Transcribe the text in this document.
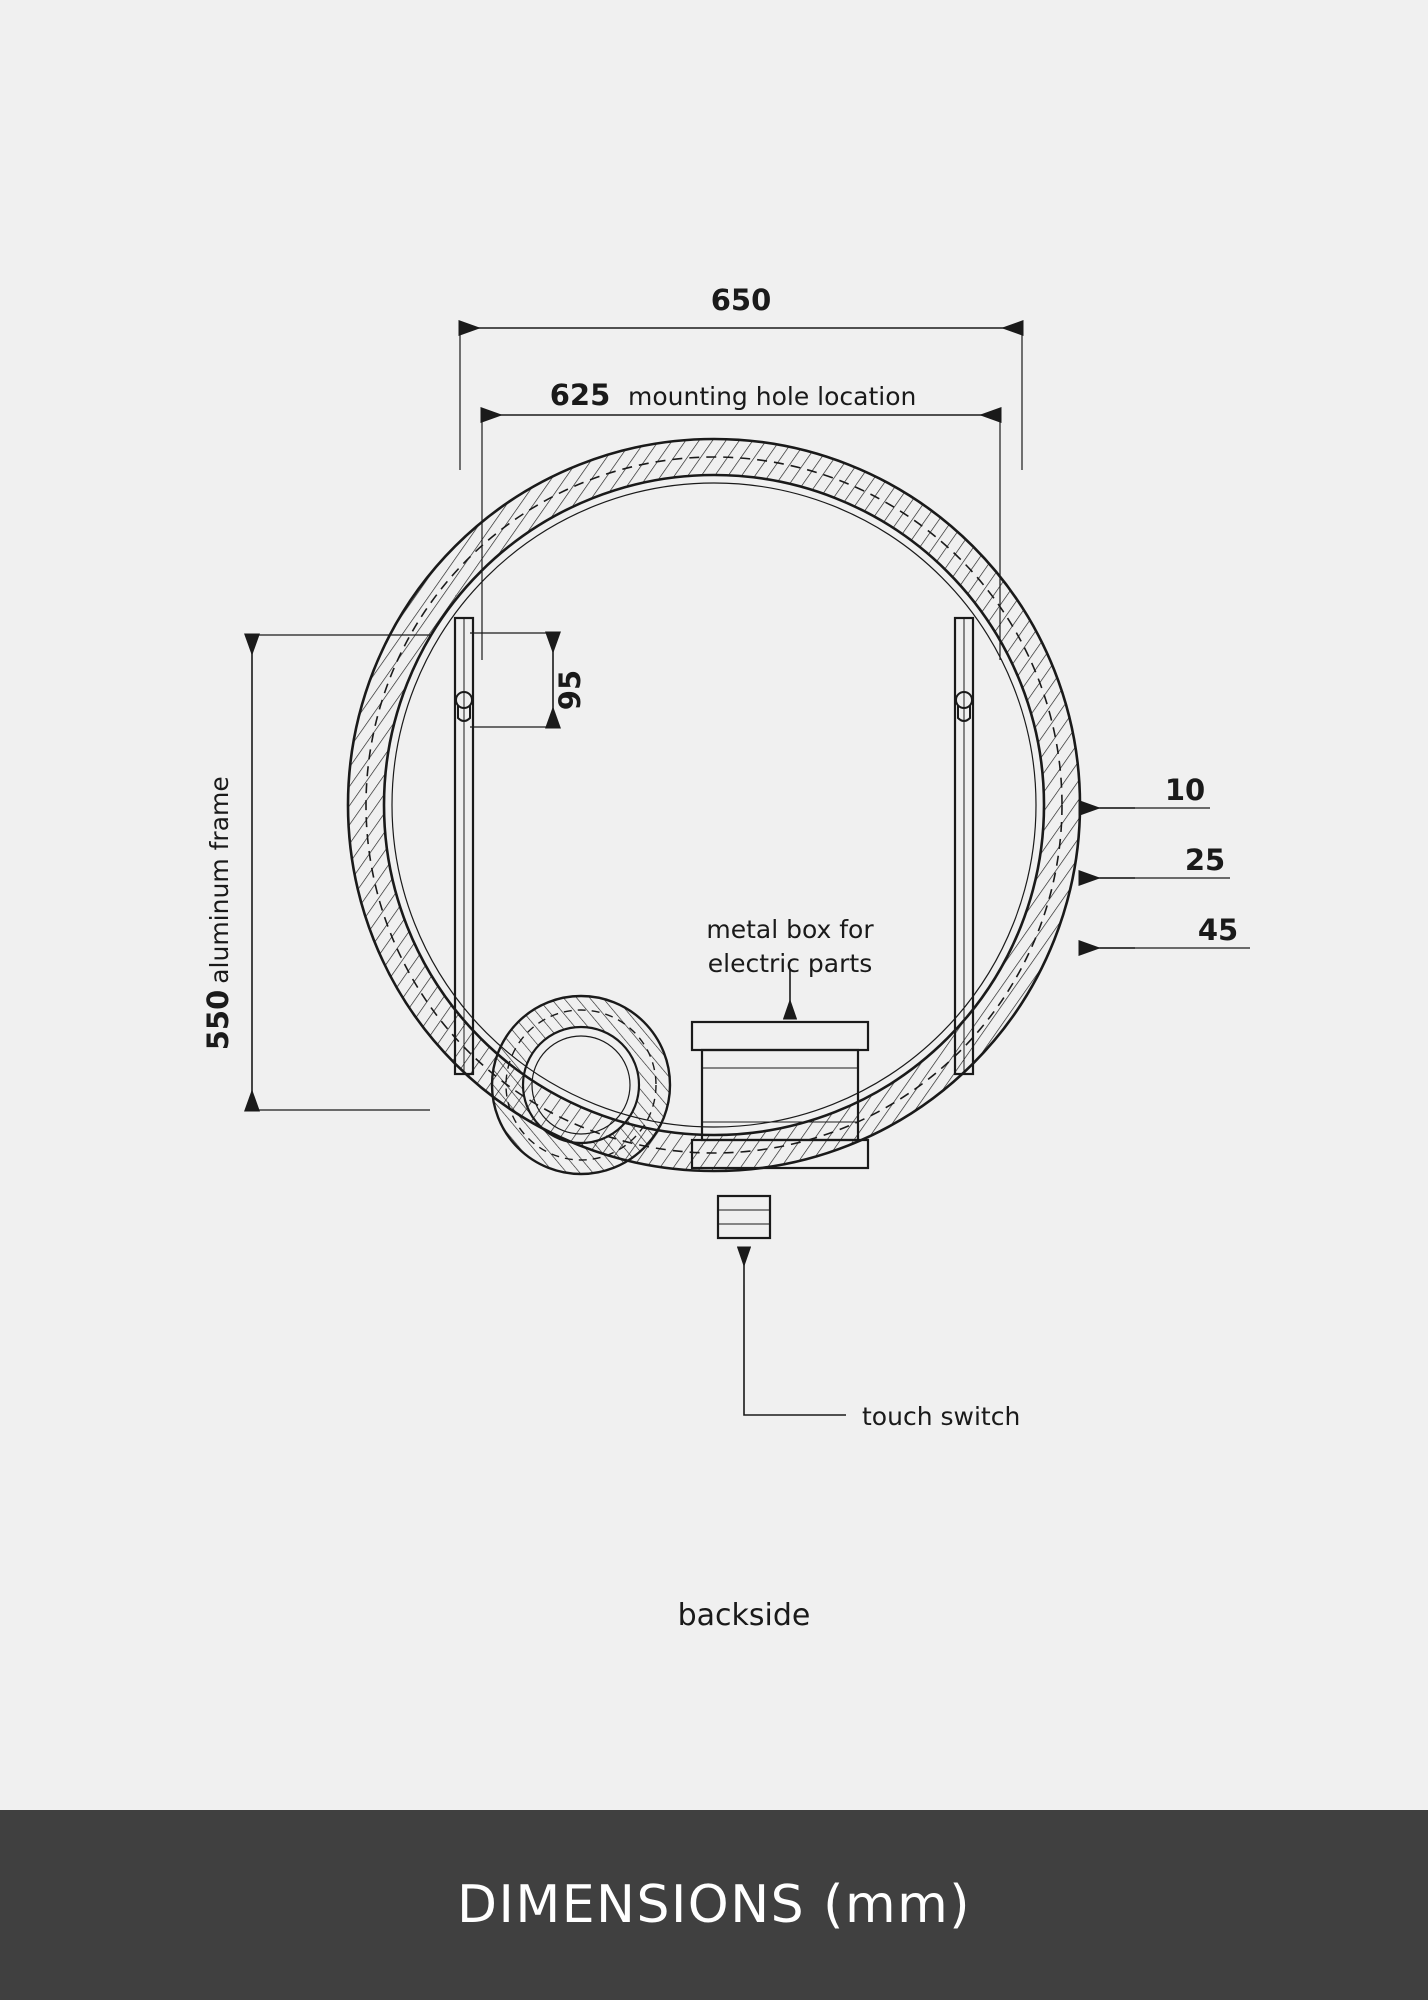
650
625 mounting hole location
550
aluminum frame
95
10
25
45
metal box for
electric parts
touch switch
backside
DIMENSIONS (mm)
